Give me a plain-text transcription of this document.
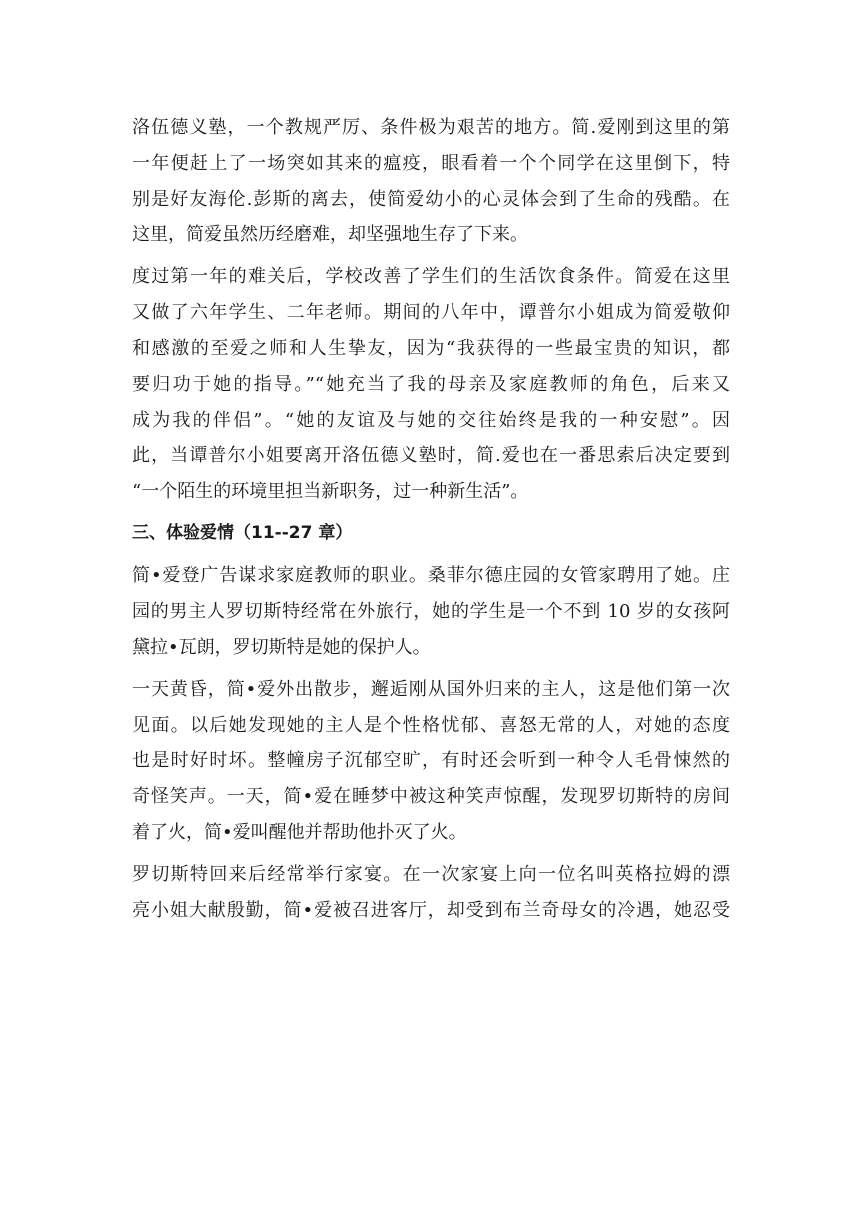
洛伍德义塾，一个教规严厉、条件极为艰苦的地方。简.爱刚到这里的第
一年便赶上了一场突如其来的瘟疫，眼看着一个个同学在这里倒下，特
别是好友海伦.彭斯的离去，使简爱幼小的心灵体会到了生命的残酷。在
这里，简爱虽然历经磨难，却坚强地生存了下来。
度过第一年的难关后，学校改善了学生们的生活饮食条件。简爱在这里
又做了六年学生、二年老师。期间的八年中，谭普尔小姐成为简爱敬仰
和感激的至爱之师和人生挚友，因为“我获得的一些最宝贵的知识，都
要归功于她的指导。”“她充当了我的母亲及家庭教师的角色，后来又
成为我的伴侣”。“她的友谊及与她的交往始终是我的一种安慰”。因
此，当谭普尔小姐要离开洛伍德义塾时，简.爱也在一番思索后决定要到
“一个陌生的环境里担当新职务，过一种新生活”。
三、体验爱情（11--27 章）
简•爱登广告谋求家庭教师的职业。桑菲尔德庄园的女管家聘用了她。庄
园的男主人罗切斯特经常在外旅行，她的学生是一个不到 10 岁的女孩阿
黛拉•瓦朗，罗切斯特是她的保护人。
一天黄昏，简•爱外出散步，邂逅刚从国外归来的主人，这是他们第一次
见面。以后她发现她的主人是个性格忧郁、喜怒无常的人，对她的态度
也是时好时坏。整幢房子沉郁空旷，有时还会听到一种令人毛骨悚然的
奇怪笑声。一天，简•爱在睡梦中被这种笑声惊醒，发现罗切斯特的房间
着了火，简•爱叫醒他并帮助他扑灭了火。
罗切斯特回来后经常举行家宴。在一次家宴上向一位名叫英格拉姆的漂
亮小姐大献殷勤，简•爱被召进客厅，却受到布兰奇母女的冷遇，她忍受
